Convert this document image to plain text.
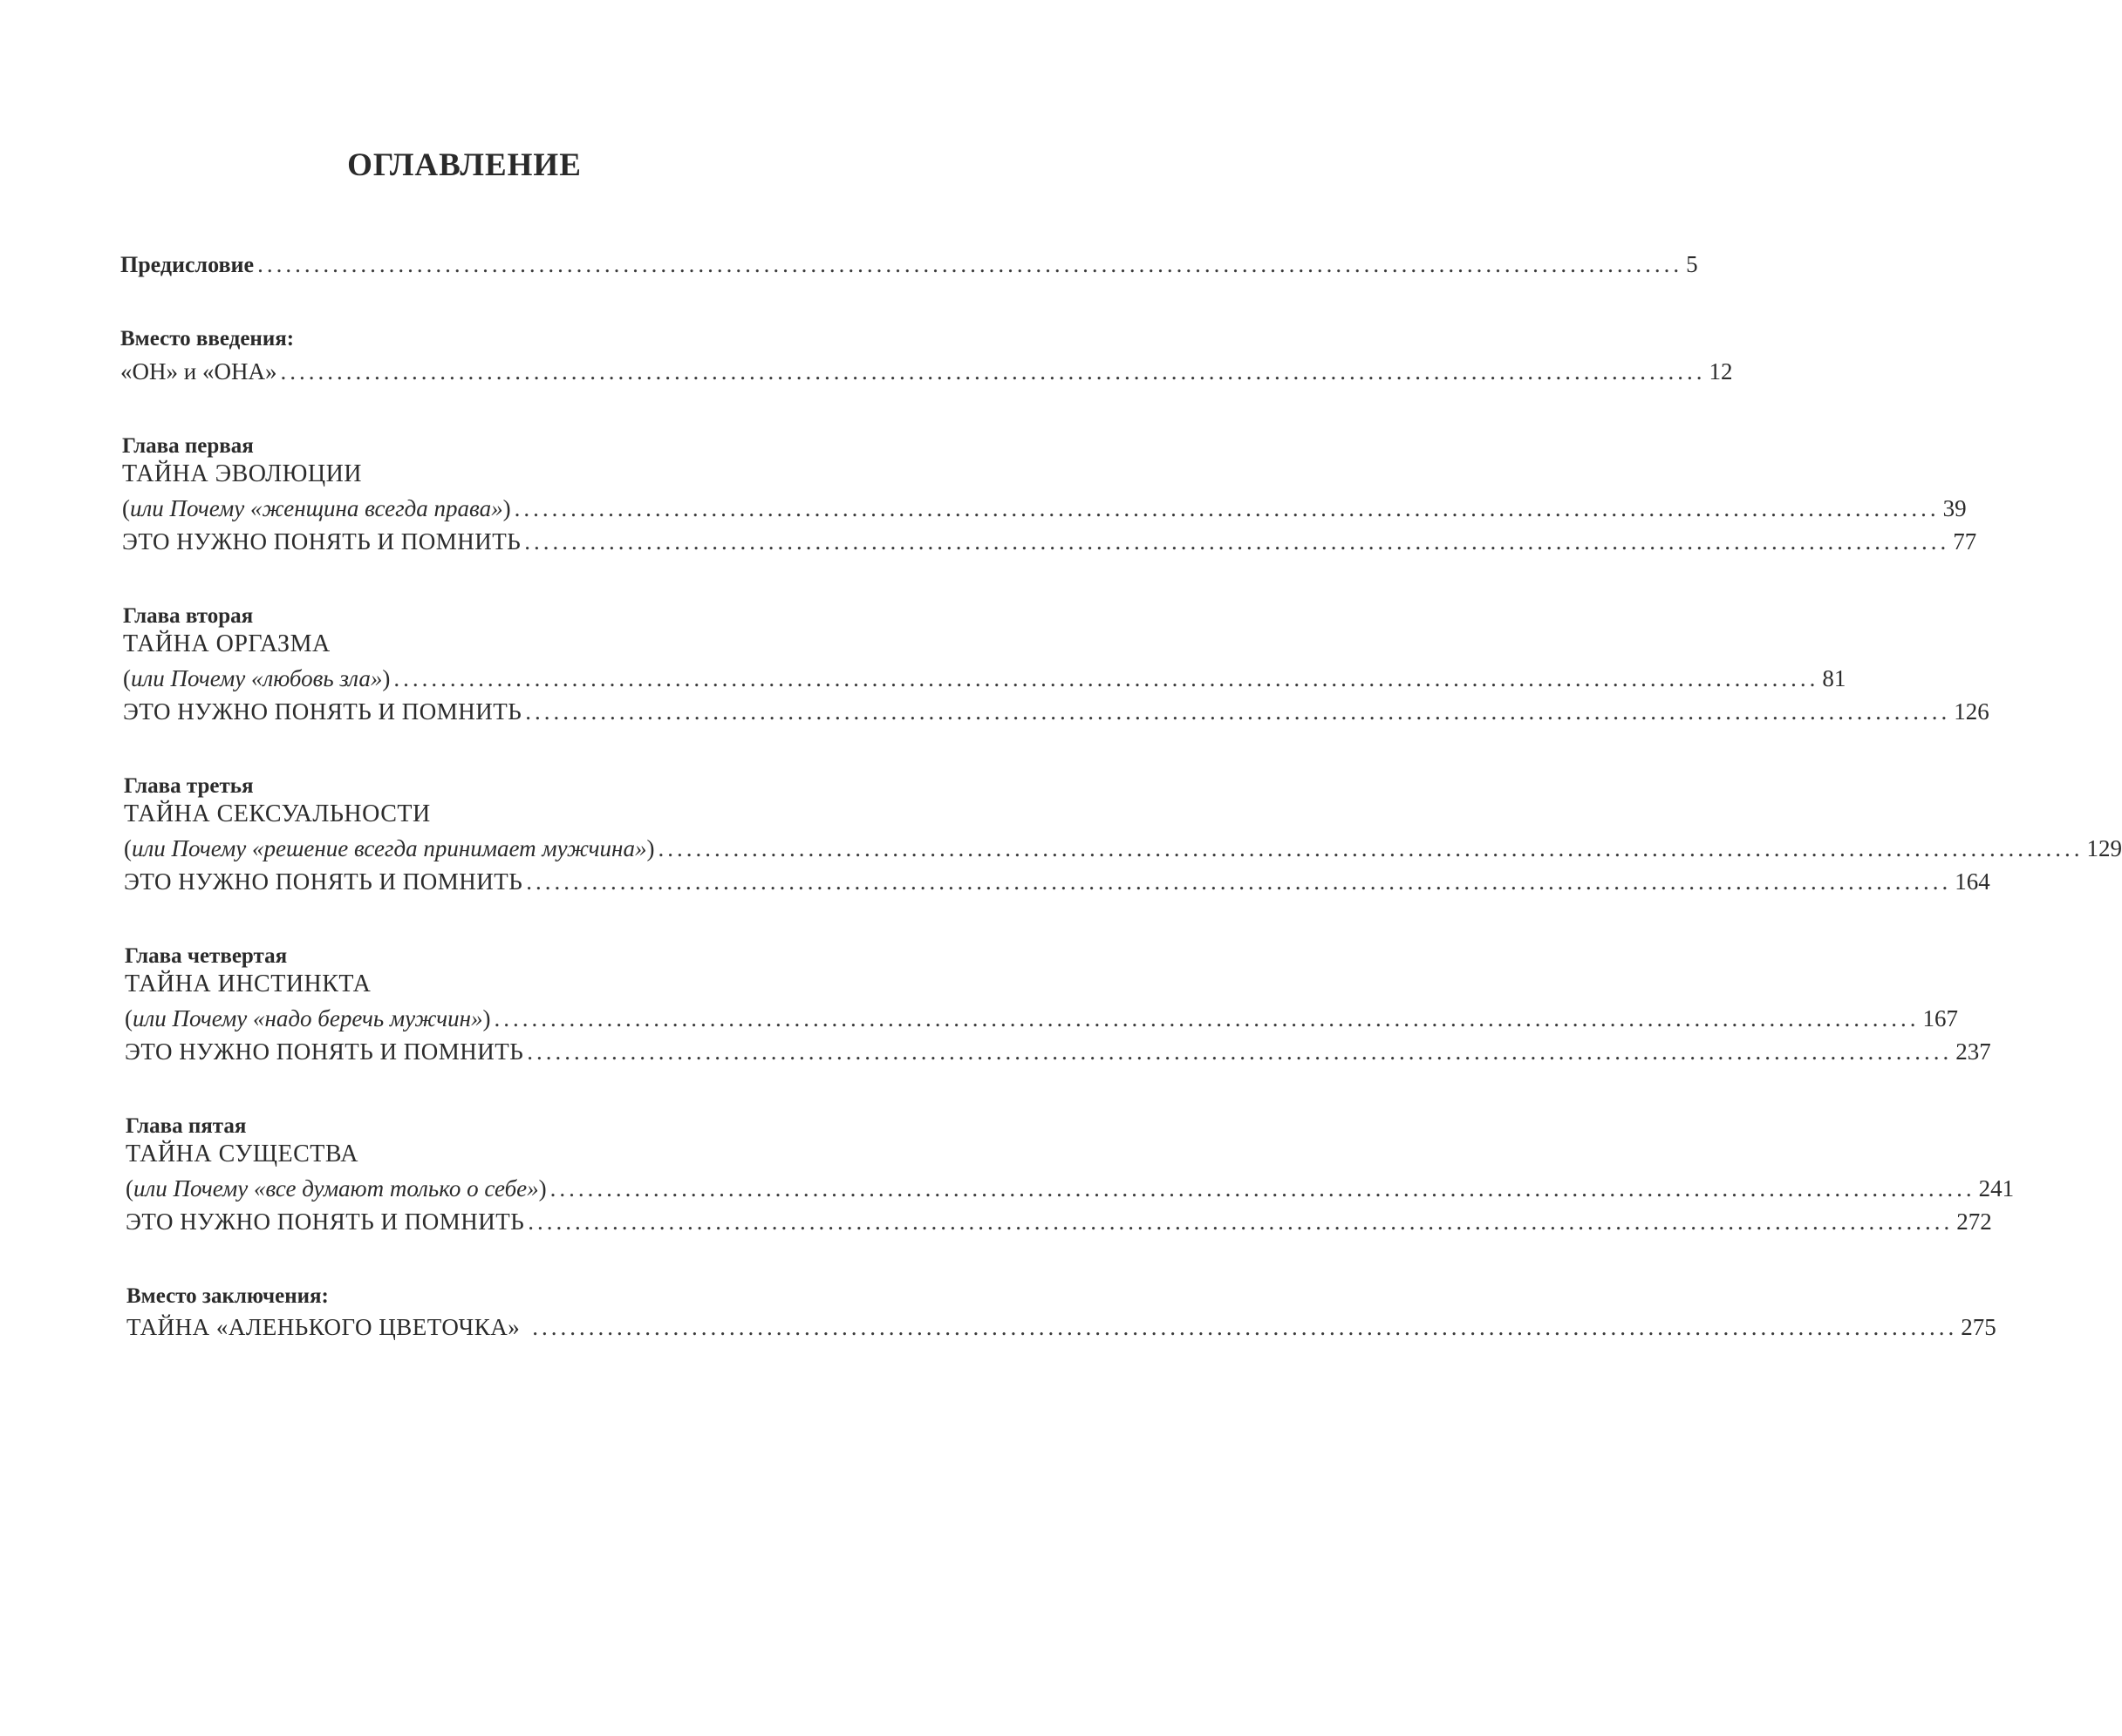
ОГЛАВЛЕНИЕ
Предисловие ........................................................................................................................................................ 5
Вместо введения:
«ОН» и «ОНА» ........................................................................................................................................................ 12
Глава первая
ТАЙНА ЭВОЛЮЦИИ
(или Почему «женщина всегда права») ........................................................................................................................................................ 39
ЭТО НУЖНО ПОНЯТЬ И ПОМНИТЬ ........................................................................................................................................................ 77
Глава вторая
ТАЙНА ОРГАЗМА
(или Почему «любовь зла») ........................................................................................................................................................ 81
ЭТО НУЖНО ПОНЯТЬ И ПОМНИТЬ ........................................................................................................................................................ 126
Глава третья
ТАЙНА СЕКСУАЛЬНОСТИ
(или Почему «решение всегда принимает мужчина») ........................................................................................................................................................ 129
ЭТО НУЖНО ПОНЯТЬ И ПОМНИТЬ ........................................................................................................................................................ 164
Глава четвертая
ТАЙНА ИНСТИНКТА
(или Почему «надо беречь мужчин») ........................................................................................................................................................ 167
ЭТО НУЖНО ПОНЯТЬ И ПОМНИТЬ ........................................................................................................................................................ 237
Глава пятая
ТАЙНА СУЩЕСТВА
(или Почему «все думают только о себе») ........................................................................................................................................................ 241
ЭТО НУЖНО ПОНЯТЬ И ПОМНИТЬ ........................................................................................................................................................ 272
Вместо заключения:
ТАЙНА «АЛЕНЬКОГО ЦВЕТОЧКА» ........................................................................................................................................................ 275
